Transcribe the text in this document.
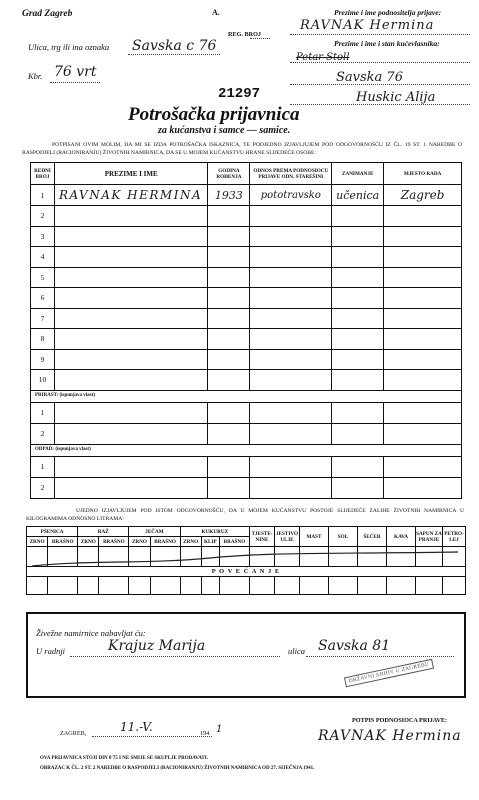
Grad Zagreb	A.
REG. BROJ
Ulica, trg ili ina oznaka Savska c 76
Kbr. 76 vrt
Prezime i ime podnositelja prijave:
RAVNAK Hermina
Prezime i ime i stan kućevlasnika:
Petar Stoll
Savska 76
Huskic Alija
21297
Potrošačka prijavnica
za kućanstva i samce — samice.
POTPISANI OVIM MOLIM, DA MI SE IZDA POTROŠAČKA ISKAZNICA, TE PODJEDNO IZJAVLJUJEM POD ODGOVORNOŠĆU IZ ČL. 19 ST. 1 NAREDBE O RASPODJELI (RACIONIRANJU) ŽIVOTNIH NAMIRNICA, DA SE U MOJEM KUĆANSTVU HRANE SLIJEDEĆE OSOBE:
REDNI BROJ	PREZIME I IME	GODINA ROĐENJA	ODNOS PREMA PODNOSIOCU PRIJAVE ODN. STAREŠINI	ZANIMANJE	MJESTO RADA
1	RAVNAK HERMINA	1933	pototravsko	učenica	Zagreb
2					
3					
4					
5					
6					
7					
8					
9					
10					
PRIRAST: (ispunjava vlast)					
1					
2					
ODPAD: (ispunjava vlast)					
1					
2					
UJEDNO IZJAVLJUJEM POD ISTOM ODGOVORNOŠĆU, DA U MOJEM KUĆANSTVU POSTOJE SLIJEDEĆE ZALIHE ŽIVOTNIH NAMIRNICA U KILOGRAMIMA ODNOSNO LITRAMA:
PŠENICA		RAŽ		JEČAM		KUKURUZ			TJESTE-NINE	JESTIVO ULJE	MAST	SOL	ŠEĆER	KAVA	SAPUN ZA PRANJE	PETRO-LEJ
ZRNO	BRAŠNO	ZRNO	BRAŠNO	ZRNO	BRAŠNO	ZRNO	KLIP	BRAŠNO								

P O V E Ć A N J E																

Živežne namirnice nabavljat ću:
U radnji	Krajuz Marija	ulica Savska 81
DRŽAVNI ARHIV U ZAGREBU
ZAGREB,	11.-V.	194 1
POTPIS PODNOSIOCA PRIJAVE:
RAVNAK Hermina
OVA PRIJAVNICA STOJI DIN 0'75 I NE SMIJE SE SKUPLJE PRODAVATI.
OBRAZAC K ČL. 2 ST. 2 NAREDBE O RASPODJELI (RACIONIRANJU) ŽIVOTNIH NAMIRNICA OD 27. SIJEČNJA 1941.
